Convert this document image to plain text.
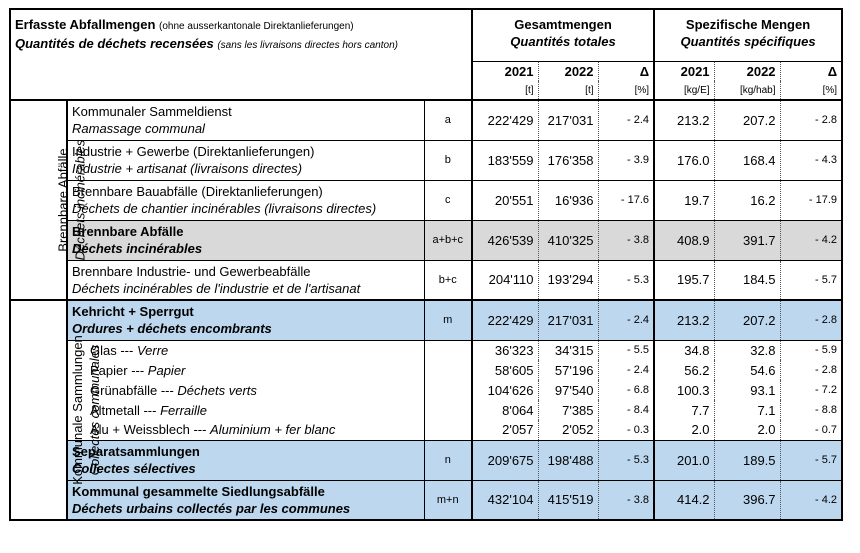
Erfasste Abfallmengen (ohne ausserkantonale Direktanlieferungen)
Quantités de déchets recensées (sans les livraisons directes hors canton)			Gesamtmengen
Quantités totales			Spezifische Mengen
Quantités spécifiques		

			2021	2022	Δ	2021	2022	Δ
			[t]	[t]	[%]	[kg/E]	[kg/hab]	[%]

Brennbare Abfälle Déchets incinérables	Kommunaler Sammeldienst
Ramassage communal	a	222'429	217'031	- 2.4	213.2	207.2	- 2.8

	Industrie + Gewerbe (Direktanlieferungen)
Industrie + artisanat (livraisons directes)	b	183'559	176'358	- 3.9	176.0	168.4	- 4.3

	Brennbare Bauabfälle (Direktanlieferungen)
Déchets de chantier incinérables (livraisons directes)	c	20'551	16'936	- 17.6	19.7	16.2	- 17.9

	Brennbare Abfälle
Déchets incinérables	a+b+c	426'539	410'325	- 3.8	408.9	391.7	- 4.2

	Brennbare Industrie- und Gewerbeabfälle
Déchets incinérables de l'industrie et de l'artisanat	b+c	204'110	193'294	- 5.3	195.7	184.5	- 5.7

Kommunale Sammlungen Collectes communales	Kehricht + Sperrgut
Ordures + déchets encombrants	m	222'429	217'031	- 2.4	213.2	207.2	- 2.8
	Glas --- Verre		36'323	34'315	- 5.5	34.8	32.8	- 5.9
	Papier --- Papier		58'605	57'196	- 2.4	56.2	54.6	- 2.8
	Grünabfälle --- Déchets verts		104'626	97'540	- 6.8	100.3	93.1	- 7.2
	Altmetall --- Ferraille		8'064	7'385	- 8.4	7.7	7.1	- 8.8
	Alu + Weissblech --- Aluminium + fer blanc		2'057	2'052	- 0.3	2.0	2.0	- 0.7

	Separatsammlungen
Collectes sélectives	n	209'675	198'488	- 5.3	201.0	189.5	- 5.7

	Kommunal gesammelte Siedlungsabfälle
Déchets urbains collectés par les communes	m+n	432'104	415'519	- 3.8	414.2	396.7	- 4.2
